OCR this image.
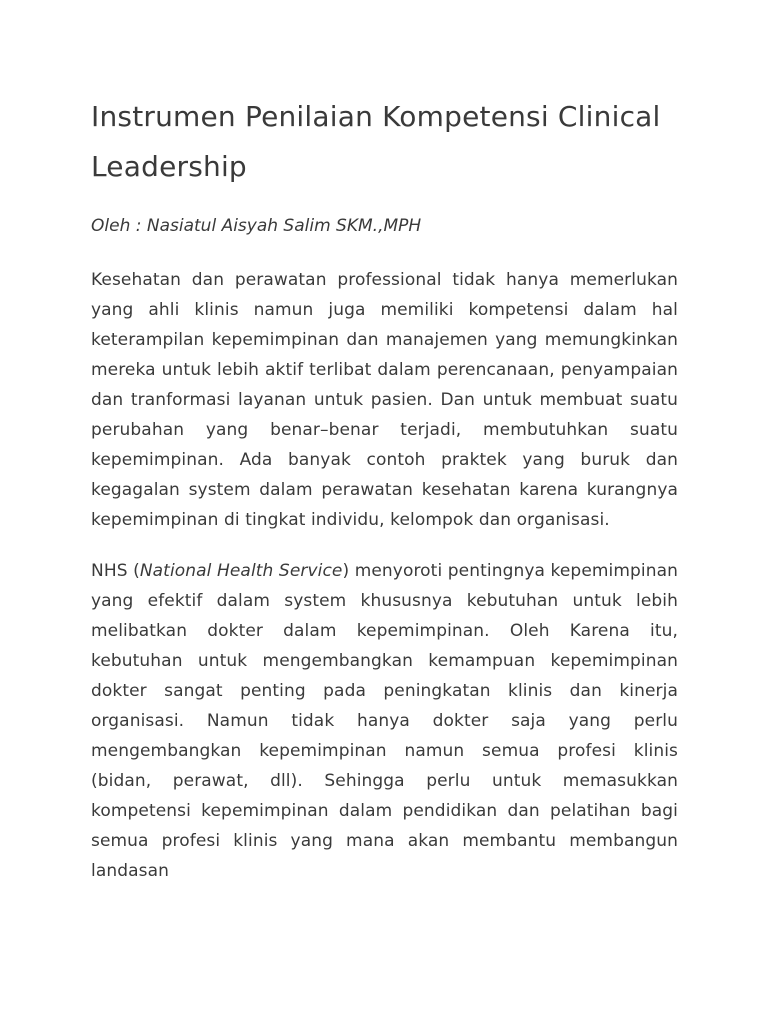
Instrumen Penilaian Kompetensi Clinical Leadership

Oleh : Nasiatul Aisyah Salim SKM.,MPH

Kesehatan dan perawatan professional tidak hanya memerlukan yang ahli klinis namun juga memiliki kompetensi dalam hal keterampilan kepemimpinan dan manajemen yang memungkinkan mereka untuk lebih aktif terlibat dalam perencanaan, penyampaian dan tranformasi layanan untuk pasien. Dan untuk membuat suatu perubahan yang benar–benar terjadi, membutuhkan suatu kepemimpinan. Ada banyak contoh praktek yang buruk dan kegagalan system dalam perawatan kesehatan karena kurangnya kepemimpinan di tingkat individu, kelompok dan organisasi.

NHS (National Health Service) menyoroti pentingnya kepemimpinan yang efektif dalam system khususnya kebutuhan untuk lebih melibatkan dokter dalam kepemimpinan. Oleh Karena itu, kebutuhan untuk mengembangkan kemampuan kepemimpinan dokter sangat penting pada peningkatan klinis dan kinerja organisasi. Namun tidak hanya dokter saja yang perlu mengembangkan kepemimpinan namun semua profesi klinis (bidan, perawat, dll). Sehingga perlu untuk memasukkan kompetensi kepemimpinan dalam pendidikan dan pelatihan bagi semua profesi klinis yang mana akan membantu membangun landasan
